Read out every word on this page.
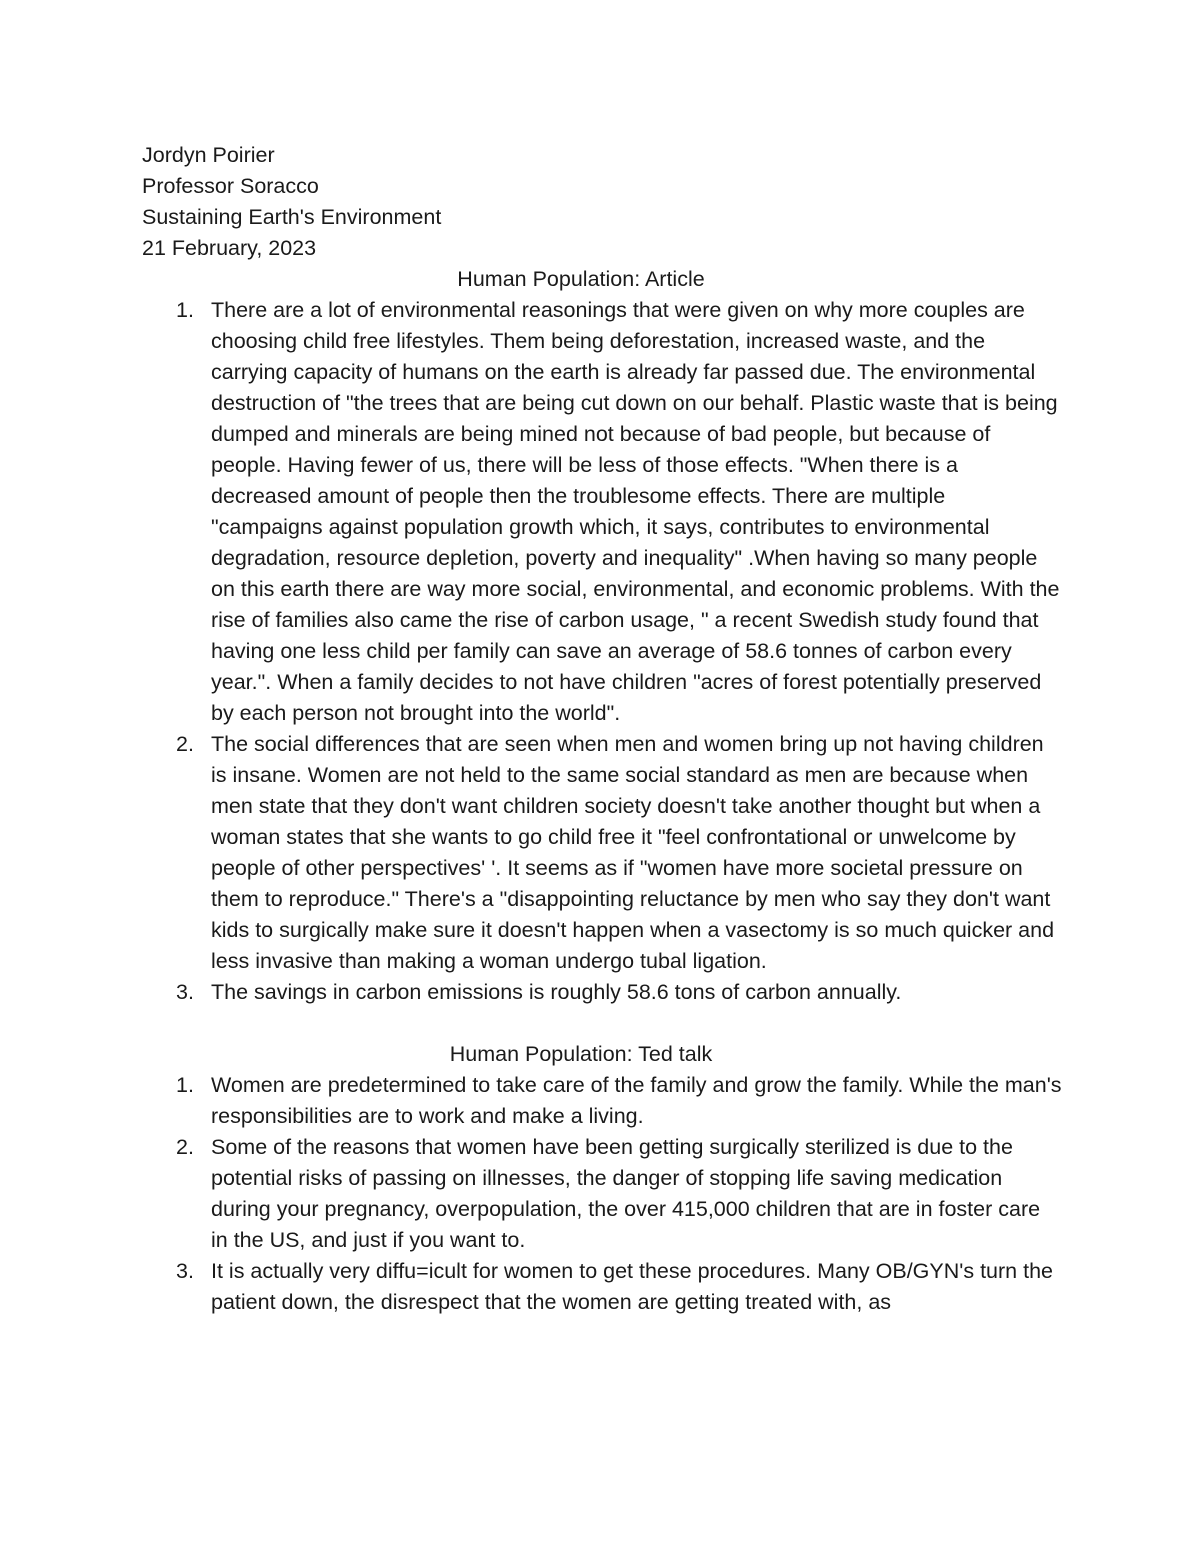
Jordyn Poirier

Professor Soracco

Sustaining Earth's Environment

21 February, 2023

Human Population: Article

1. There are a lot of environmental reasonings that were given on why more couples are choosing child free lifestyles. Them being deforestation, increased waste, and the carrying capacity of humans on the earth is already far passed due. The environmental destruction of "the trees that are being cut down on our behalf. Plastic waste that is being dumped and minerals are being mined not because of bad people, but because of people. Having fewer of us, there will be less of those effects. "When there is a decreased amount of people then the troublesome effects. There are multiple "campaigns against population growth which, it says, contributes to environmental degradation, resource depletion, poverty and inequality" .When having so many people on this earth there are way more social, environmental, and economic problems. With the rise of families also came the rise of carbon usage, " a recent Swedish study found that having one less child per family can save an average of 58.6 tonnes of carbon every year.". When a family decides to not have children "acres of forest potentially preserved by each person not brought into the world".
2. The social differences that are seen when men and women bring up not having children is insane. Women are not held to the same social standard as men are because when men state that they don't want children society doesn't take another thought but when a woman states that she wants to go child free it "feel confrontational or unwelcome by people of other perspectives' '. It seems as if "women have more societal pressure on them to reproduce." There's a "disappointing reluctance by men who say they don't want kids to surgically make sure it doesn't happen when a vasectomy is so much quicker and less invasive than making a woman undergo tubal ligation.
3. The savings in carbon emissions is roughly 58.6 tons of carbon annually.

Human Population: Ted talk

1. Women are predetermined to take care of the family and grow the family. While the man's responsibilities are to work and make a living.
2. Some of the reasons that women have been getting surgically sterilized is due to the potential risks of passing on illnesses, the danger of stopping life saving medication during your pregnancy, overpopulation, the over 415,000 children that are in foster care in the US, and just if you want to.
3. It is actually very diffu=icult for women to get these procedures. Many OB/GYN's turn the patient down, the disrespect that the women are getting treated with, as
